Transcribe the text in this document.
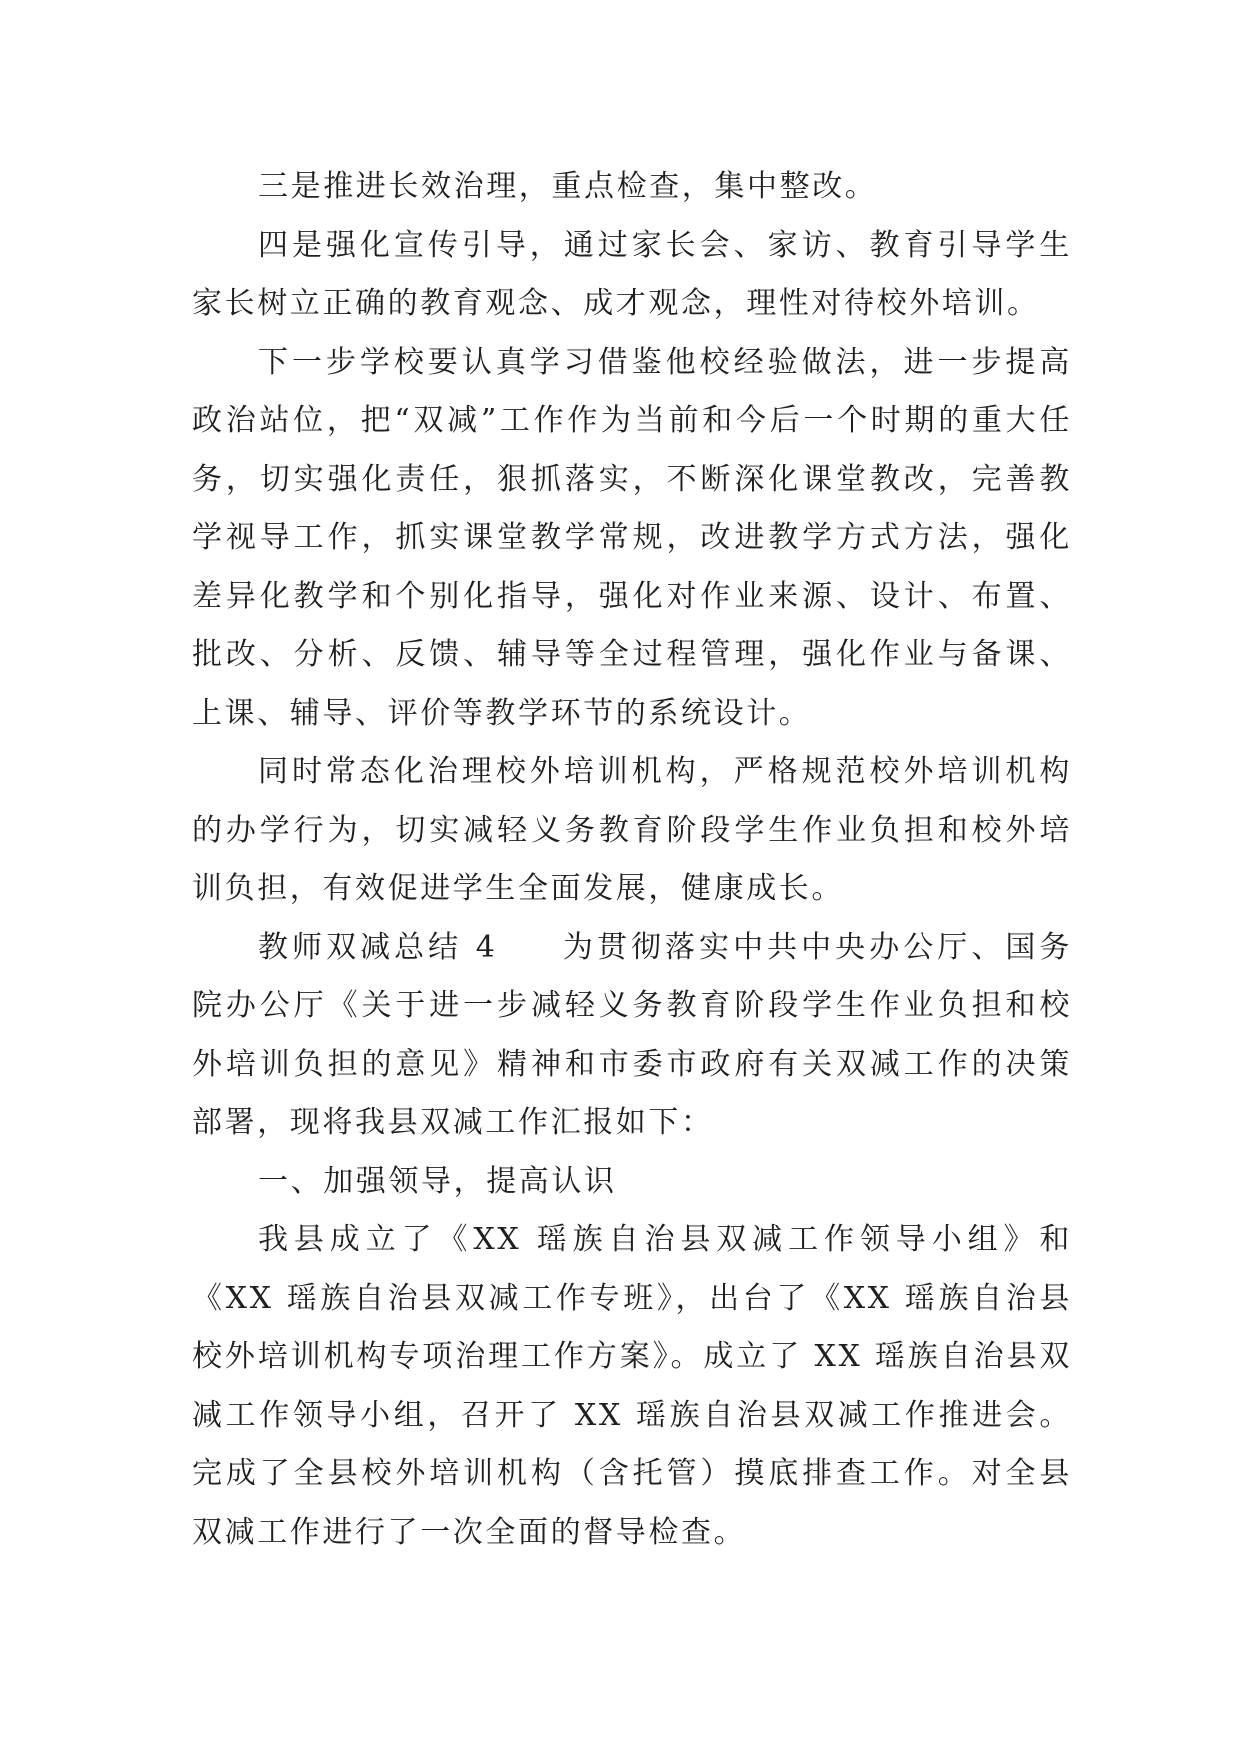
三是推进长效治理，重点检查，集中整改。

四是强化宣传引导，通过家长会、家访、教育引导学生家长树立正确的教育观念、成才观念，理性对待校外培训。

下一步学校要认真学习借鉴他校经验做法，进一步提高政治站位，把“双减”工作作为当前和今后一个时期的重大任务，切实强化责任，狠抓落实，不断深化课堂教改，完善教学视导工作，抓实课堂教学常规，改进教学方式方法，强化差异化教学和个别化指导，强化对作业来源、设计、布置、批改、分析、反馈、辅导等全过程管理，强化作业与备课、上课、辅导、评价等教学环节的系统设计。

同时常态化治理校外培训机构，严格规范校外培训机构的办学行为，切实减轻义务教育阶段学生作业负担和校外培训负担，有效促进学生全面发展，健康成长。

教师双减总结 4 为贯彻落实中共中央办公厅、国务院办公厅《关于进一步减轻义务教育阶段学生作业负担和校外培训负担的意见》精神和市委市政府有关双减工作的决策部署，现将我县双减工作汇报如下：

一、加强领导，提高认识

我县成立了《XX 瑶族自治县双减工作领导小组》和《XX 瑶族自治县双减工作专班》，出台了《XX 瑶族自治县校外培训机构专项治理工作方案》。成立了 XX 瑶族自治县双减工作领导小组，召开了 XX 瑶族自治县双减工作推进会。完成了全县校外培训机构（含托管）摸底排查工作。对全县双减工作进行了一次全面的督导检查。
